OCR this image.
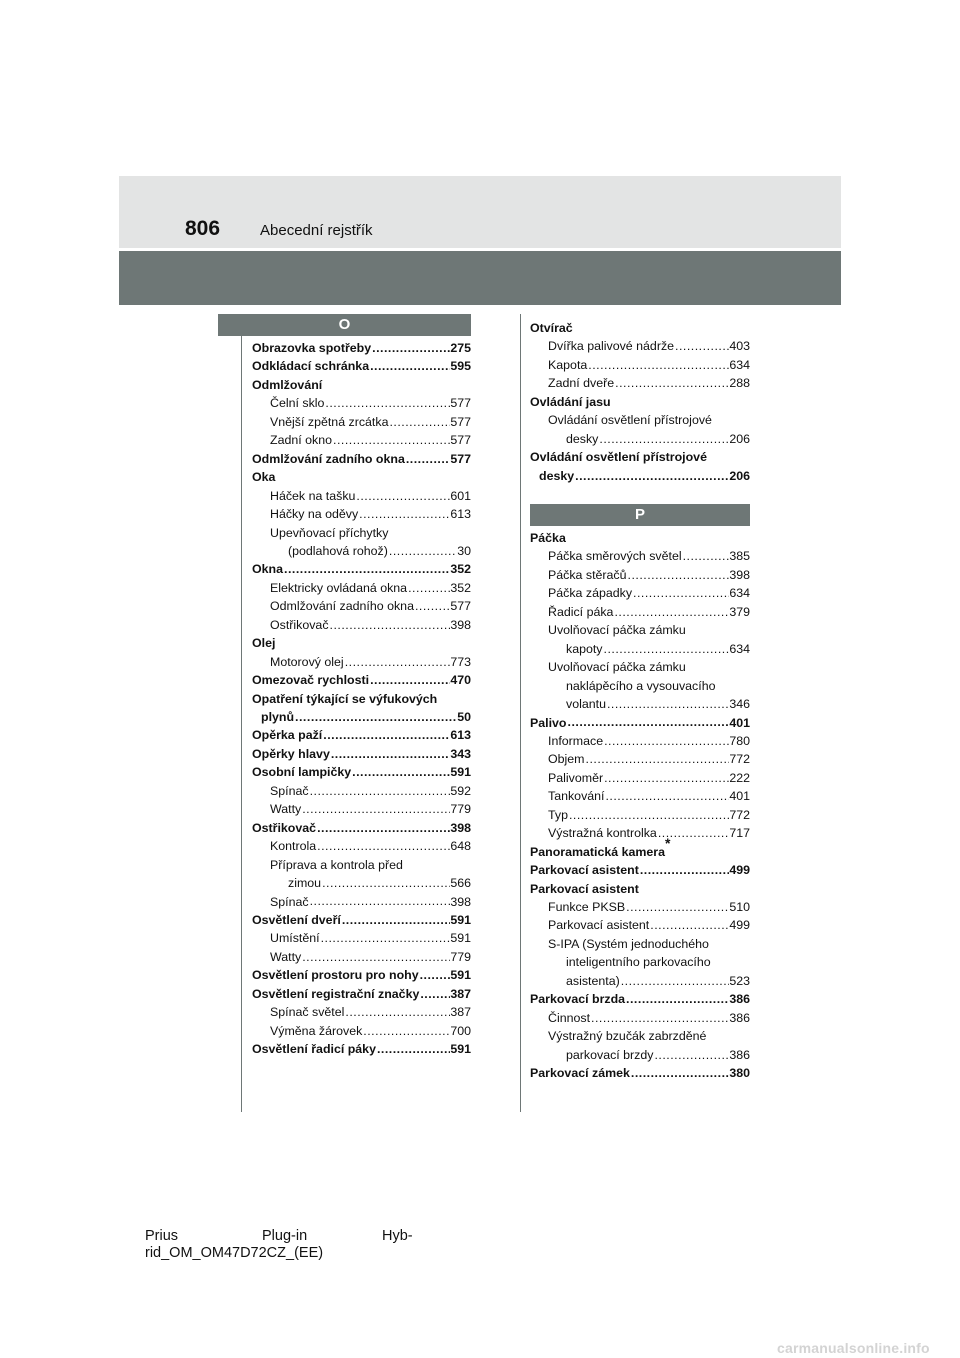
806	Abecední rejstřík
O
P
Obrazovka spotřeby .....	275
Odkládací schránka .....	595
Odmlžování
Čelní sklo .....	577
Vnější zpětná zrcátka .....	577
Zadní okno .....	577
Odmlžování zadního okna .....	577
Oka
Háček na tašku .....	601
Háčky na oděvy .....	613
Upevňovací příchytky
(podlahová rohož) .....	30
Okna .....	352
Elektricky ovládaná okna .....	352
Odmlžování zadního okna .....	577
Ostřikovač .....	398
Olej
Motorový olej .....	773
Omezovač rychlosti .....	470
Opatření týkající se výfukových
plynů .....	50
Opěrka paží .....	613
Opěrky hlavy .....	343
Osobní lampičky .....	591
Spínač .....	592
Watty .....	779
Ostřikovač .....	398
Kontrola .....	648
Příprava a kontrola před
zimou .....	566
Spínač .....	398
Osvětlení dveří .....	591
Umístění .....	591
Watty .....	779
Osvětlení prostoru pro nohy .....	591
Osvětlení registrační značky ..... 387
Spínač světel .....	387
Výměna žárovek .....	700
Osvětlení řadicí páky .....	591
Otvírač
Dvířka palivové nádrže .....	403
Kapota .....	634
Zadní dveře .....	288
Ovládání jasu
Ovládání osvětlení přístrojové
desky .....	206
Ovládání osvětlení přístrojové
desky .....	206
Páčka
Páčka směrových světel .....	385
Páčka stěračů .....	398
Páčka západky .....	634
Řadicí páka .....	379
Uvolňovací páčka zámku
kapoty .....	634
Uvolňovací páčka zámku
naklápěcího a vysouvacího
volantu .....	346
Palivo .....	401
Informace .....	780
Objem .....	772
Palivoměr .....	222
Tankování .....	401
Typ .....	772
Výstražná kontrolka .....	717
Panoramatická kamera
*
Parkovací asistent .....	499
Parkovací asistent
Funkce PKSB .....	510
Parkovací asistent .....	499
S-IPA (Systém jednoduchého
inteligentního parkovacího
asistenta) .....	523
Parkovací brzda .....	386
Činnost .....	386
Výstražný bzučák zabrzděné
parkovací brzdy .....	386
Parkovací zámek .....	380
Prius	Plug-in	Hyb-
rid_OM_OM47D72CZ_(EE)
carmanualsonline.info
